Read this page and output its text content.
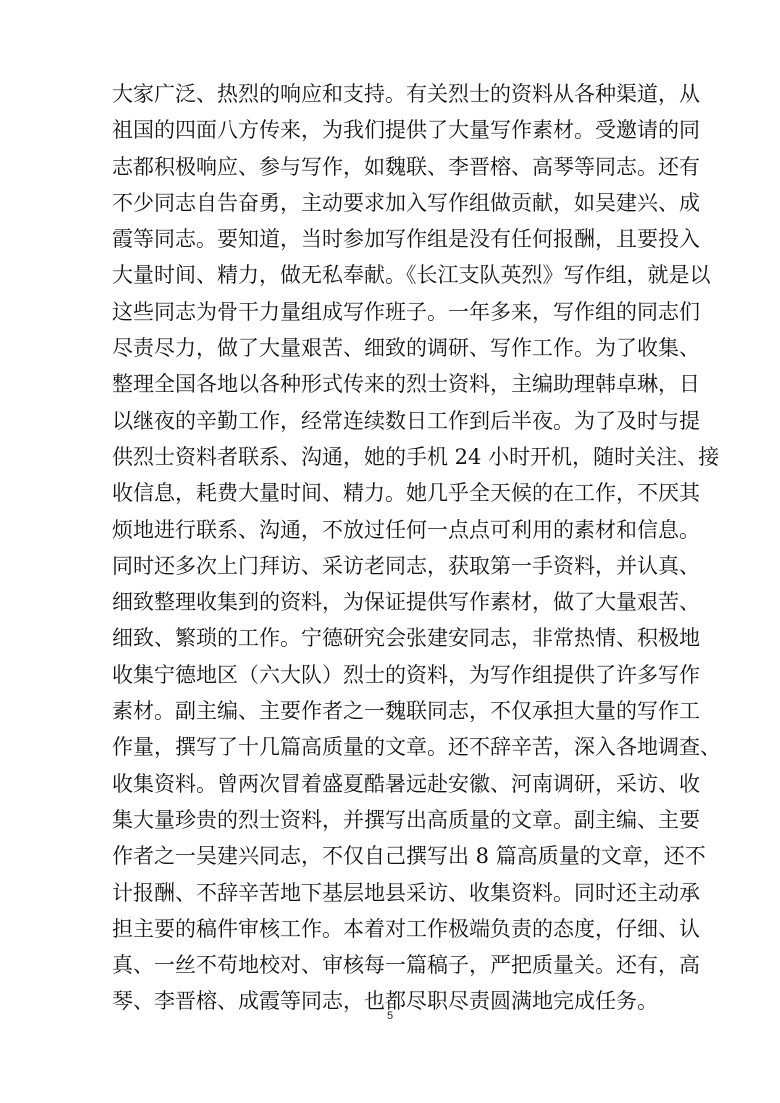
大家广泛、热烈的响应和支持。有关烈士的资料从各种渠道，从
祖国的四面八方传来，为我们提供了大量写作素材。受邀请的同
志都积极响应、参与写作，如魏联、李晋榕、高琴等同志。还有
不少同志自告奋勇，主动要求加入写作组做贡献，如吴建兴、成
霞等同志。要知道，当时参加写作组是没有任何报酬，且要投入
大量时间、精力，做无私奉献。《长江支队英烈》写作组，就是以
这些同志为骨干力量组成写作班子。一年多来，写作组的同志们
尽责尽力，做了大量艰苦、细致的调研、写作工作。为了收集、
整理全国各地以各种形式传来的烈士资料，主编助理韩卓琳，日
以继夜的辛勤工作，经常连续数日工作到后半夜。为了及时与提
供烈士资料者联系、沟通，她的手机 24 小时开机，随时关注、接
收信息，耗费大量时间、精力。她几乎全天候的在工作，不厌其
烦地进行联系、沟通，不放过任何一点点可利用的素材和信息。
同时还多次上门拜访、采访老同志，获取第一手资料，并认真、
细致整理收集到的资料，为保证提供写作素材，做了大量艰苦、
细致、繁琐的工作。宁德研究会张建安同志，非常热情、积极地
收集宁德地区（六大队）烈士的资料，为写作组提供了许多写作
素材。副主编、主要作者之一魏联同志，不仅承担大量的写作工
作量，撰写了十几篇高质量的文章。还不辞辛苦，深入各地调查、
收集资料。曾两次冒着盛夏酷暑远赴安徽、河南调研，采访、收
集大量珍贵的烈士资料，并撰写出高质量的文章。副主编、主要
作者之一吴建兴同志，不仅自己撰写出 8 篇高质量的文章，还不
计报酬、不辞辛苦地下基层地县采访、收集资料。同时还主动承
担主要的稿件审核工作。本着对工作极端负责的态度，仔细、认
真、一丝不苟地校对、审核每一篇稿子，严把质量关。还有，高
琴、李晋榕、成霞等同志，也都尽职尽责圆满地完成任务。
5
